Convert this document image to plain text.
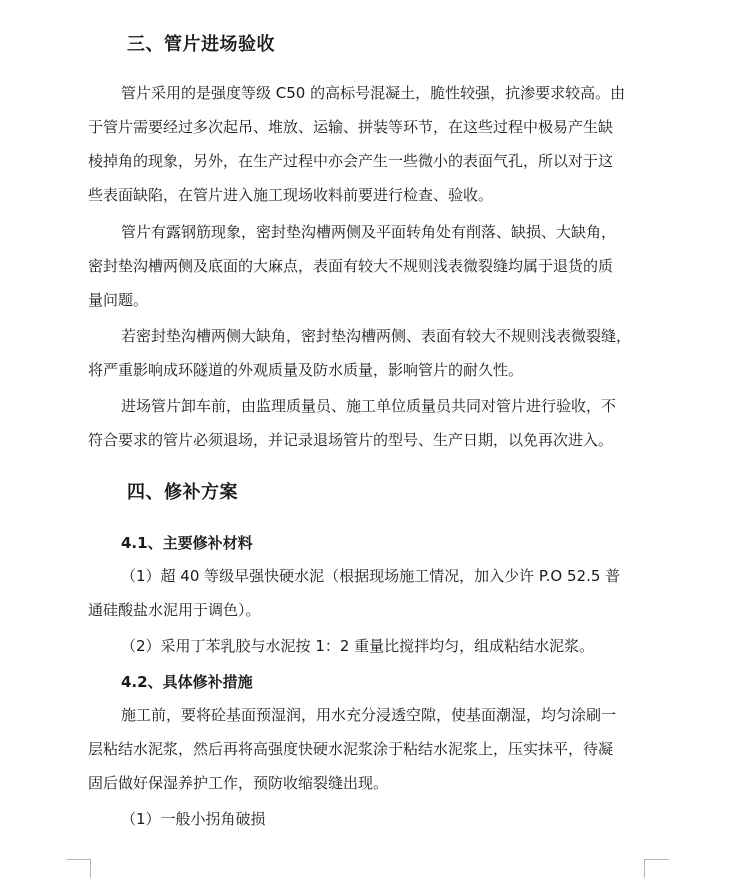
三、管片进场验收
管片采用的是强度等级 C50 的高标号混凝土，脆性较强，抗渗要求较高。由
于管片需要经过多次起吊、堆放、运输、拼装等环节，在这些过程中极易产生缺
棱掉角的现象，另外，在生产过程中亦会产生一些微小的表面气孔，所以对于这
些表面缺陷，在管片进入施工现场收料前要进行检查、验收。
管片有露钢筋现象，密封垫沟槽两侧及平面转角处有削落、缺损、大缺角，
密封垫沟槽两侧及底面的大麻点，表面有较大不规则浅表微裂缝均属于退货的质
量问题。
若密封垫沟槽两侧大缺角，密封垫沟槽两侧、表面有较大不规则浅表微裂缝，
将严重影响成环隧道的外观质量及防水质量，影响管片的耐久性。
进场管片卸车前，由监理质量员、施工单位质量员共同对管片进行验收，不
符合要求的管片必须退场，并记录退场管片的型号、生产日期，以免再次进入。
四、修补方案
4.1、主要修补材料
（1）超 40 等级早强快硬水泥（根据现场施工情况，加入少许 P.O 52.5 普
通硅酸盐水泥用于调色）。
（2）采用丁苯乳胶与水泥按 1：2 重量比搅拌均匀，组成粘结水泥浆。
4.2、具体修补措施
施工前，要将砼基面预湿润，用水充分浸透空隙，使基面潮湿，均匀涂刷一
层粘结水泥浆，然后再将高强度快硬水泥浆涂于粘结水泥浆上，压实抹平，待凝
固后做好保湿养护工作，预防收缩裂缝出现。
（1）一般小拐角破损
